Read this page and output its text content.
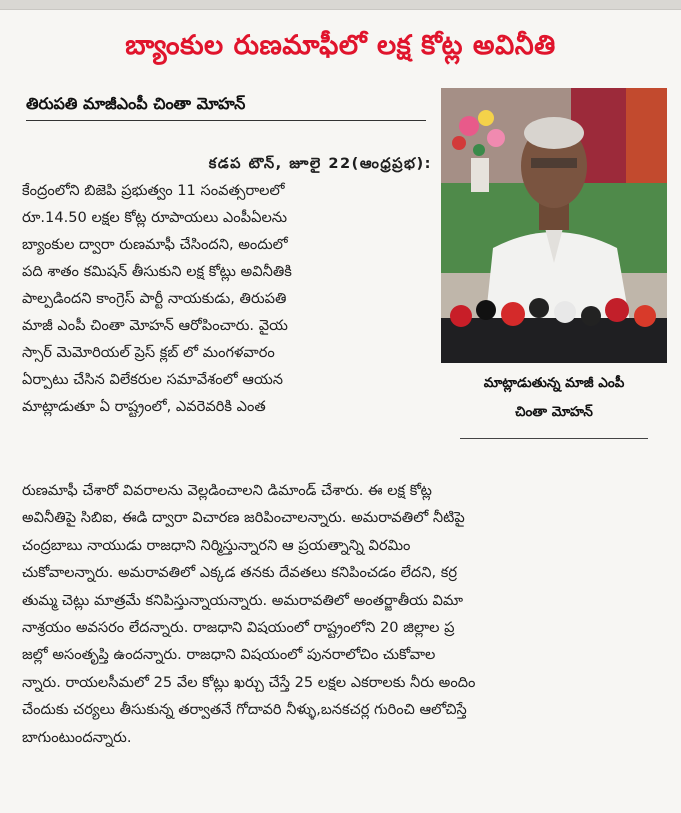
బ్యాంకుల రుణమాఫీలో లక్ష కోట్ల అవినీతి
తిరుపతి మాజీఎంపీ చింతా మోహన్
మాట్లాడుతున్న మాజీ ఎంపీ
చింతా మోహన్
కడప టౌన్, జూలై 22(ఆంధ్రప్రభ):
కేంద్రంలోని బిజెపి ప్రభుత్వం 11 సంవత్సరాలలో
రూ.14.50 లక్షల కోట్ల రూపాయలు ఎంపీఏలను
బ్యాంకుల ద్వారా రుణమాఫీ చేసిందని, అందులో
పది శాతం కమిషన్ తీసుకుని లక్ష కోట్లు అవినీతికి
పాల్పడిందని కాంగ్రెస్ పార్టీ నాయకుడు, తిరుపతి
మాజీ ఎంపీ చింతా మోహన్ ఆరోపించారు. వైయ
స్సార్ మెమోరియల్ ప్రెస్ క్లబ్ లో మంగళవారం
ఏర్పాటు చేసిన విలేకరుల సమావేశంలో ఆయన
మాట్లాడుతూ ఏ రాష్ట్రంలో, ఎవరెవరికి ఎంత
రుణమాఫీ చేశారో వివరాలను వెల్లడించాలని డిమాండ్ చేశారు. ఈ లక్ష కోట్ల
అవినీతిపై సిబిఐ, ఈడి ద్వారా విచారణ జరిపించాలన్నారు. అమరావతిలో నీటిపై
చంద్రబాబు నాయుడు రాజధాని నిర్మిస్తున్నారని ఆ ప్రయత్నాన్ని విరమిం
చుకోవాలన్నారు. అమరావతిలో ఎక్కడ తనకు దేవతలు కనిపించడం లేదని, కర్ర
తుమ్మ చెట్లు మాత్రమే కనిపిస్తున్నాయన్నారు. అమరావతిలో అంతర్జాతీయ విమా
నాశ్రయం అవసరం లేదన్నారు. రాజధాని విషయంలో రాష్ట్రంలోని 20 జిల్లాల ప్ర
జల్లో అసంతృప్తి ఉందన్నారు. రాజధాని విషయంలో పునరాలోచిం చుకోవాల
న్నారు. రాయలసీమలో 25 వేల కోట్లు ఖర్చు చేస్తే 25 లక్షల ఎకరాలకు నీరు అందిం
చేందుకు చర్యలు తీసుకున్న తర్వాతనే గోదావరి నీళ్ళు,బనకచర్ల గురించి ఆలోచిస్తే
బాగుంటుందన్నారు.
